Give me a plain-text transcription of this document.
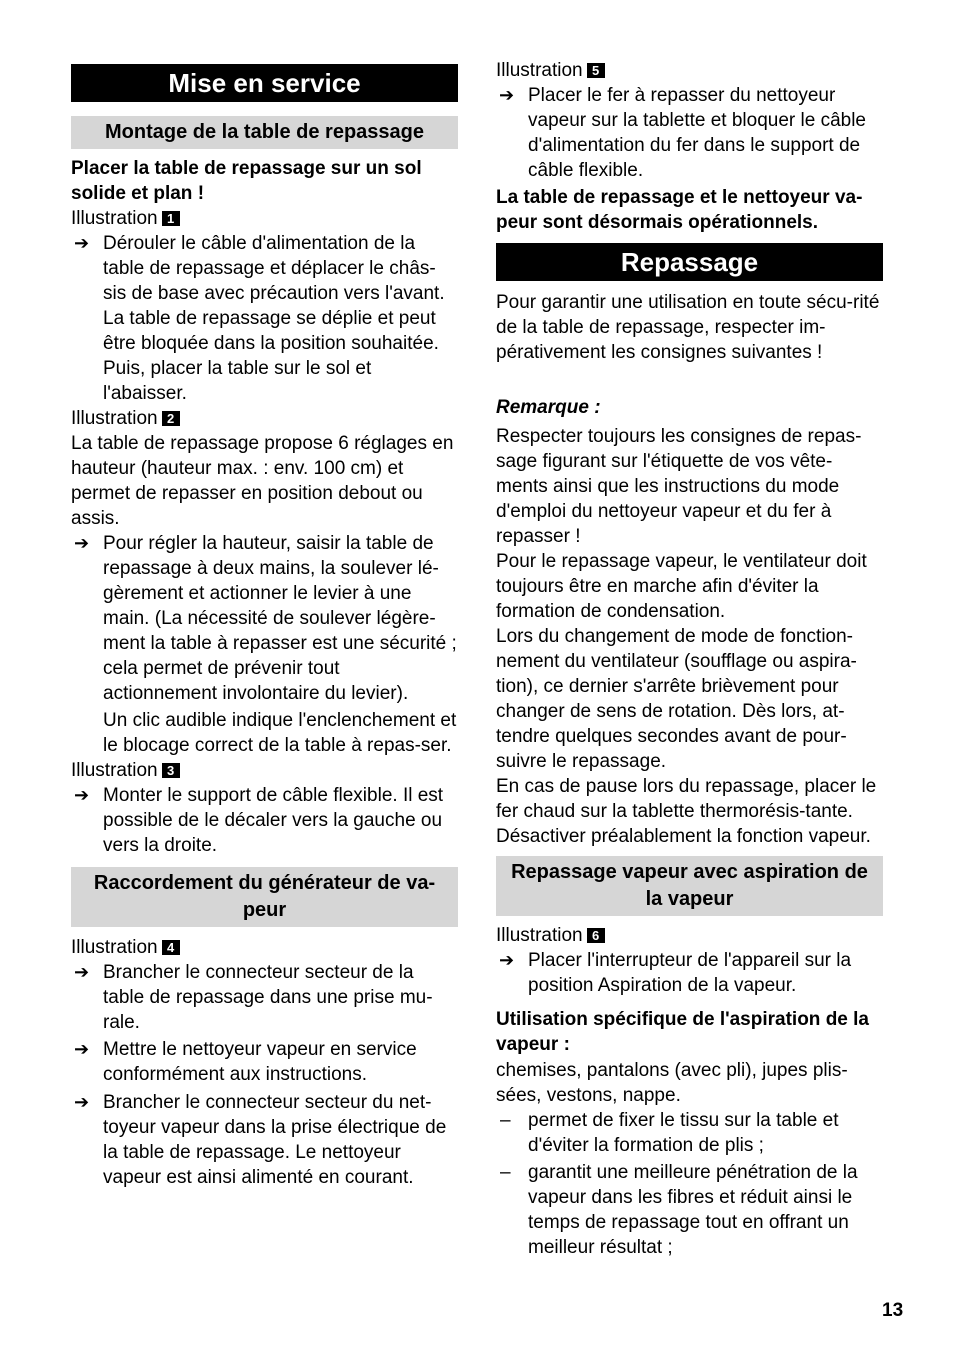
Mise en service
Montage de la table de repassage

Placer la table de repassage sur un sol solide et plan !

Illustration 1

➔ Dérouler le câble d'alimentation de la table de repassage et déplacer le châs-sis de base avec précaution vers l'avant. La table de repassage se déplie et peut être bloquée dans la position souhaitée. Puis, placer la table sur le sol et l'abaisser.

Illustration 2

La table de repassage propose 6 réglages en hauteur (hauteur max. : env. 100 cm) et permet de repasser en position debout ou assis.

➔ Pour régler la hauteur, saisir la table de repassage à deux mains, la soulever lé-gèrement et actionner le levier à une main. (La nécessité de soulever légère-ment la table à repasser est une sécurité ; cela permet de prévenir tout actionnement involontaire du levier).

Un clic audible indique l'enclenchement et le blocage correct de la table à repas-ser.

Illustration 3

➔ Monter le support de câble flexible. Il est possible de le décaler vers la gauche ou vers la droite.
Raccordement du générateur de va-peur

Illustration 4

➔ Brancher le connecteur secteur de la table de repassage dans une prise mu-rale.
➔ Mettre le nettoyeur vapeur en service conformément aux instructions.
➔ Brancher le connecteur secteur du net-toyeur vapeur dans la prise électrique de la table de repassage. Le nettoyeur vapeur est ainsi alimenté en courant.

Illustration 5

➔ Placer le fer à repasser du nettoyeur vapeur sur la tablette et bloquer le câble d'alimentation du fer dans le support de câble flexible.

La table de repassage et le nettoyeur va-peur sont désormais opérationnels.

Repassage

Pour garantir une utilisation en toute sécu-rité de la table de repassage, respecter im-pérativement les consignes suivantes !

Remarque :

Respecter toujours les consignes de repas-sage figurant sur l'étiquette de vos vête-ments ainsi que les instructions du mode d'emploi du nettoyeur vapeur et du fer à repasser !

Pour le repassage vapeur, le ventilateur doit toujours être en marche afin d'éviter la formation de condensation.

Lors du changement de mode de fonction-nement du ventilateur (soufflage ou aspira-tion), ce dernier s'arrête brièvement pour changer de sens de rotation. Dès lors, at-tendre quelques secondes avant de pour-suivre le repassage.

En cas de pause lors du repassage, placer le fer chaud sur la tablette thermorésis-tante. Désactiver préalablement la fonction vapeur.

Repassage vapeur avec aspiration de la vapeur

Illustration 6

➔ Placer l'interrupteur de l'appareil sur la position Aspiration de la vapeur.

Utilisation spécifique de l'aspiration de la vapeur :

chemises, pantalons (avec pli), jupes plis-sées, vestons, nappe.

– permet de fixer le tissu sur la table et d'éviter la formation de plis ;
– garantit une meilleure pénétration de la vapeur dans les fibres et réduit ainsi le temps de repassage tout en offrant un meilleur résultat ;
13
